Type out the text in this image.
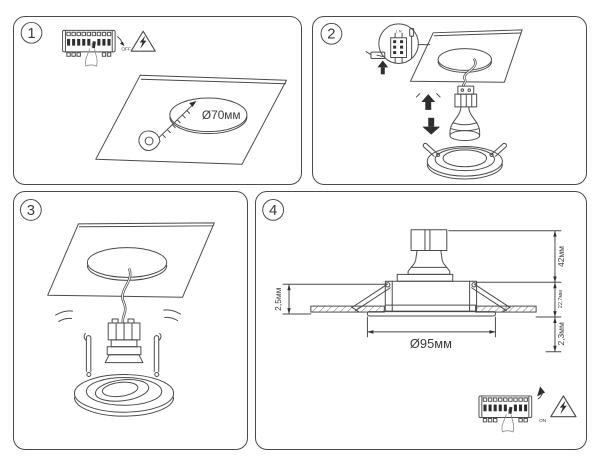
1
OFF
Ø70мм
2	L N
3	4
Ø95мм
2,5мм
42мм
22,7мм
2,3мм
ON
